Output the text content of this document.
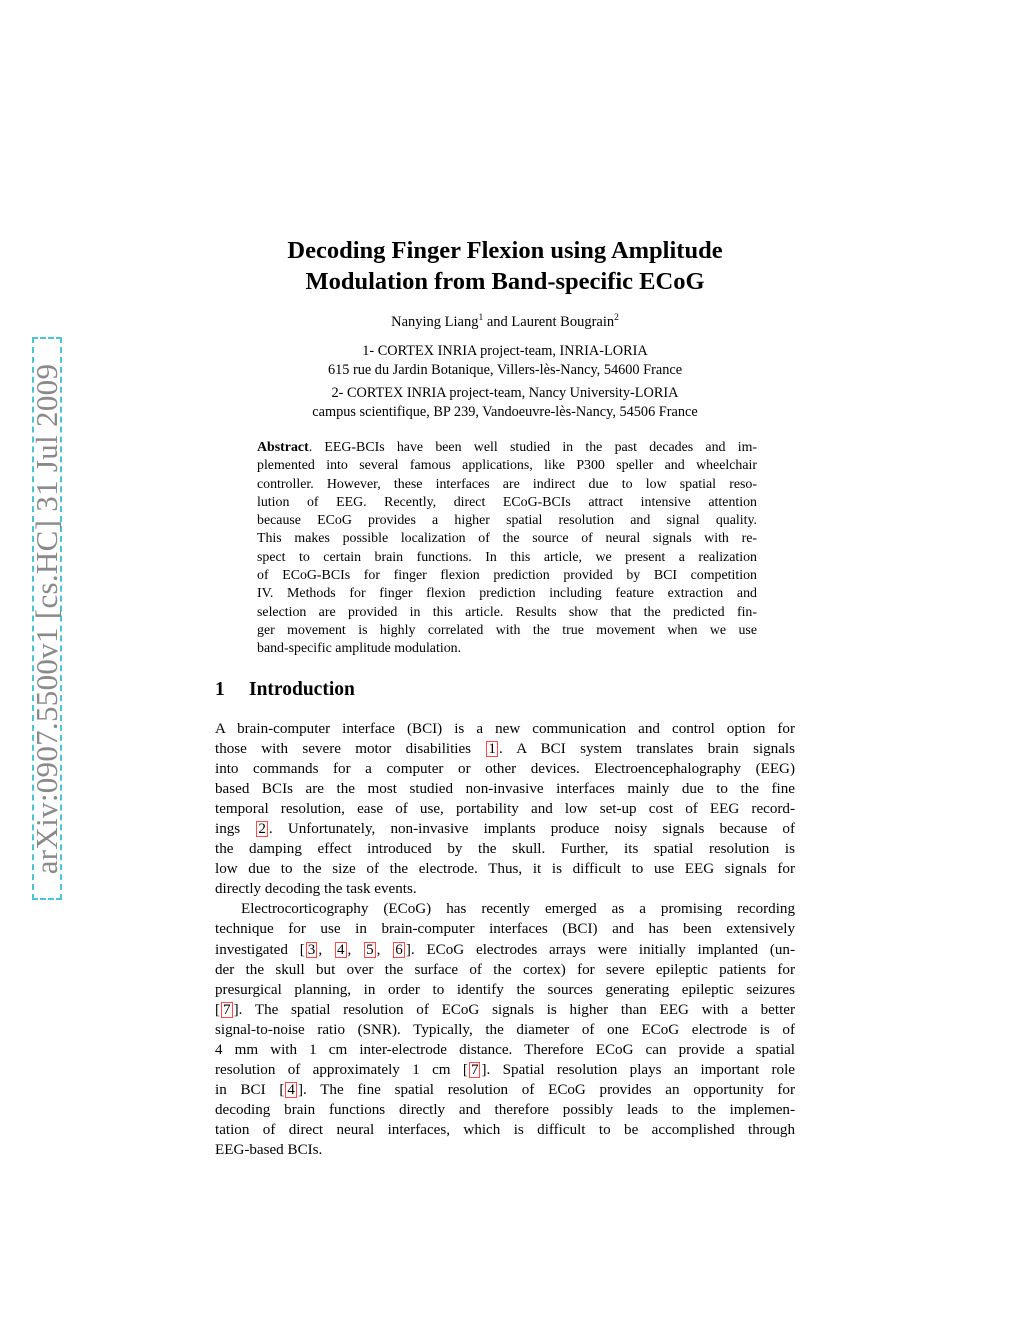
arXiv:0907.5500v1 [cs.HC] 31 Jul 2009
Decoding Finger Flexion using Amplitude
Modulation from Band-specific ECoG
Nanying Liang$^1$ and Laurent Bougrain$^2$
1- CORTEX INRIA project-team, INRIA-LORIA
615 rue du Jardin Botanique, Villers-lès-Nancy, 54600 France
2- CORTEX INRIA project-team, Nancy University-LORIA
campus scientifique, BP 239, Vandoeuvre-lès-Nancy, 54506 France
Abstract. EEG-BCIs have been well studied in the past decades and im-
plemented into several famous applications, like P300 speller and wheelchair
controller. However, these interfaces are indirect due to low spatial reso-
lution of EEG. Recently, direct ECoG-BCIs attract intensive attention
because ECoG provides a higher spatial resolution and signal quality.
This makes possible localization of the source of neural signals with re-
spect to certain brain functions. In this article, we present a realization
of ECoG-BCIs for finger flexion prediction provided by BCI competition
IV. Methods for finger flexion prediction including feature extraction and
selection are provided in this article. Results show that the predicted fin-
ger movement is highly correlated with the true movement when we use
band-specific amplitude modulation.
1 Introduction
A brain-computer interface (BCI) is a new communication and control option for
those with severe motor disabilities 1 . A BCI system translates brain signals
into commands for a computer or other devices. Electroencephalography (EEG)
based BCIs are the most studied non-invasive interfaces mainly due to the fine
temporal resolution, ease of use, portability and low set-up cost of EEG record-
ings 2 . Unfortunately, non-invasive implants produce noisy signals because of
the damping effect introduced by the skull. Further, its spatial resolution is
low due to the size of the electrode. Thus, it is difficult to use EEG signals for
directly decoding the task events.
Electrocorticography (ECoG) has recently emerged as a promising recording
technique for use in brain-computer interfaces (BCI) and has been extensively
investigated [ 3 , 4 , 5 , 6 ]. ECoG electrodes arrays were initially implanted (un-
der the skull but over the surface of the cortex) for severe epileptic patients for
presurgical planning, in order to identify the sources generating epileptic seizures
[ 7 ]. The spatial resolution of ECoG signals is higher than EEG with a better
signal-to-noise ratio (SNR). Typically, the diameter of one ECoG electrode is of
4 mm with 1 cm inter-electrode distance. Therefore ECoG can provide a spatial
resolution of approximately 1 cm [ 7 ]. Spatial resolution plays an important role
in BCI [ 4 ]. The fine spatial resolution of ECoG provides an opportunity for
decoding brain functions directly and therefore possibly leads to the implemen-
tation of direct neural interfaces, which is difficult to be accomplished through
EEG-based BCIs.
